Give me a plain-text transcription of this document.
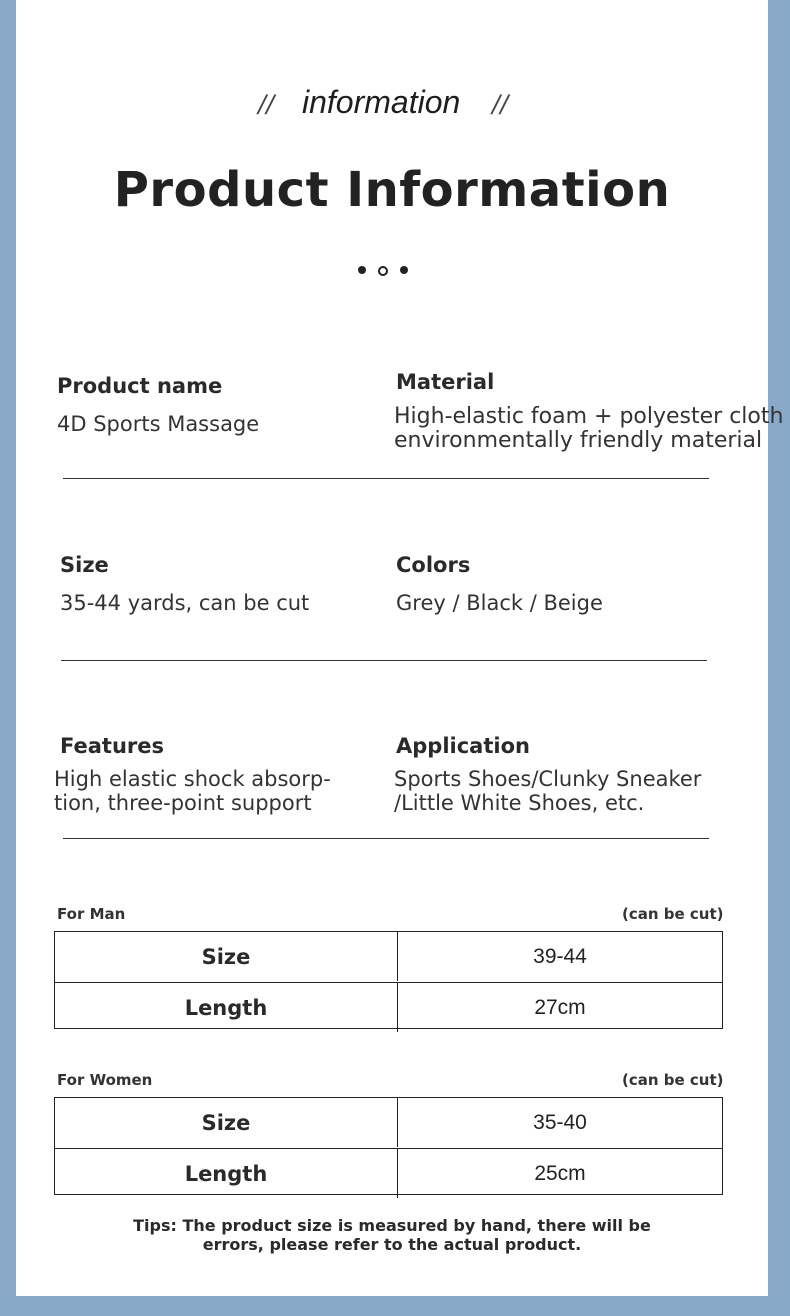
// information //
Product Information
Product name
4D Sports Massage
Material
High-elastic foam + polyester cloth
environmentally friendly material
Size
35-44 yards, can be cut
Colors
Grey / Black / Beige
Features
High elastic shock absorp-
tion, three-point support
Application
Sports Shoes/Clunky Sneaker
/Little White Shoes, etc.
For Man	(can be cut)
Size	39-44
Length	27cm
For Women	(can be cut)
Size	35-40
Length	25cm
Tips: The product size is measured by hand, there will be
errors, please refer to the actual product.
